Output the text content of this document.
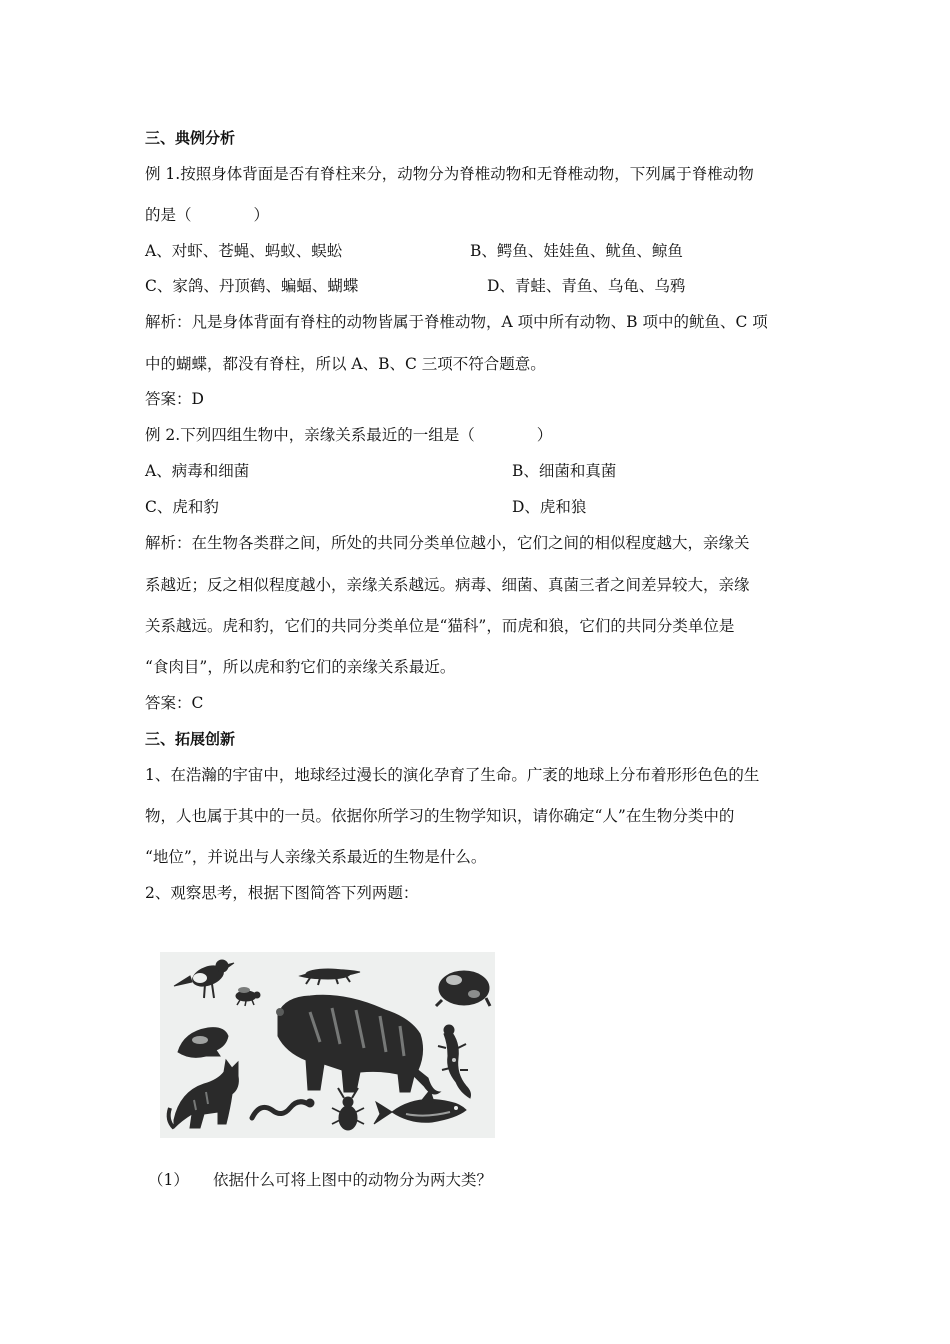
三、典例分析
例 1.按照身体背面是否有脊柱来分，动物分为脊椎动物和无脊椎动物，下列属于脊椎动物
的是（　　　　）
A、对虾、苍蝇、蚂蚁、蜈蚣	B、鳄鱼、娃娃鱼、鱿鱼、鲸鱼
C、家鸽、丹顶鹤、蝙蝠、蝴蝶	D、青蛙、青鱼、乌龟、乌鸦
解析：凡是身体背面有脊柱的动物皆属于脊椎动物，A 项中所有动物、B 项中的鱿鱼、C 项
中的蝴蝶，都没有脊柱，所以 A、B、C 三项不符合题意。
答案：D
例 2.下列四组生物中，亲缘关系最近的一组是（　　　　）
A、病毒和细菌	B、细菌和真菌
C、虎和豹	D、虎和狼
解析：在生物各类群之间，所处的共同分类单位越小，它们之间的相似程度越大，亲缘关
系越近；反之相似程度越小，亲缘关系越远。病毒、细菌、真菌三者之间差异较大，亲缘
关系越远。虎和豹，它们的共同分类单位是“猫科”，而虎和狼，它们的共同分类单位是
“食肉目”，所以虎和豹它们的亲缘关系最近。
答案：C
三、拓展创新
1、在浩瀚的宇宙中，地球经过漫长的演化孕育了生命。广袤的地球上分布着形形色色的生
物，人也属于其中的一员。依据你所学习的生物学知识，请你确定“人”在生物分类中的
“地位”，并说出与人亲缘关系最近的生物是什么。
2、观察思考，根据下图简答下列两题：
（1） 依据什么可将上图中的动物分为两大类？
